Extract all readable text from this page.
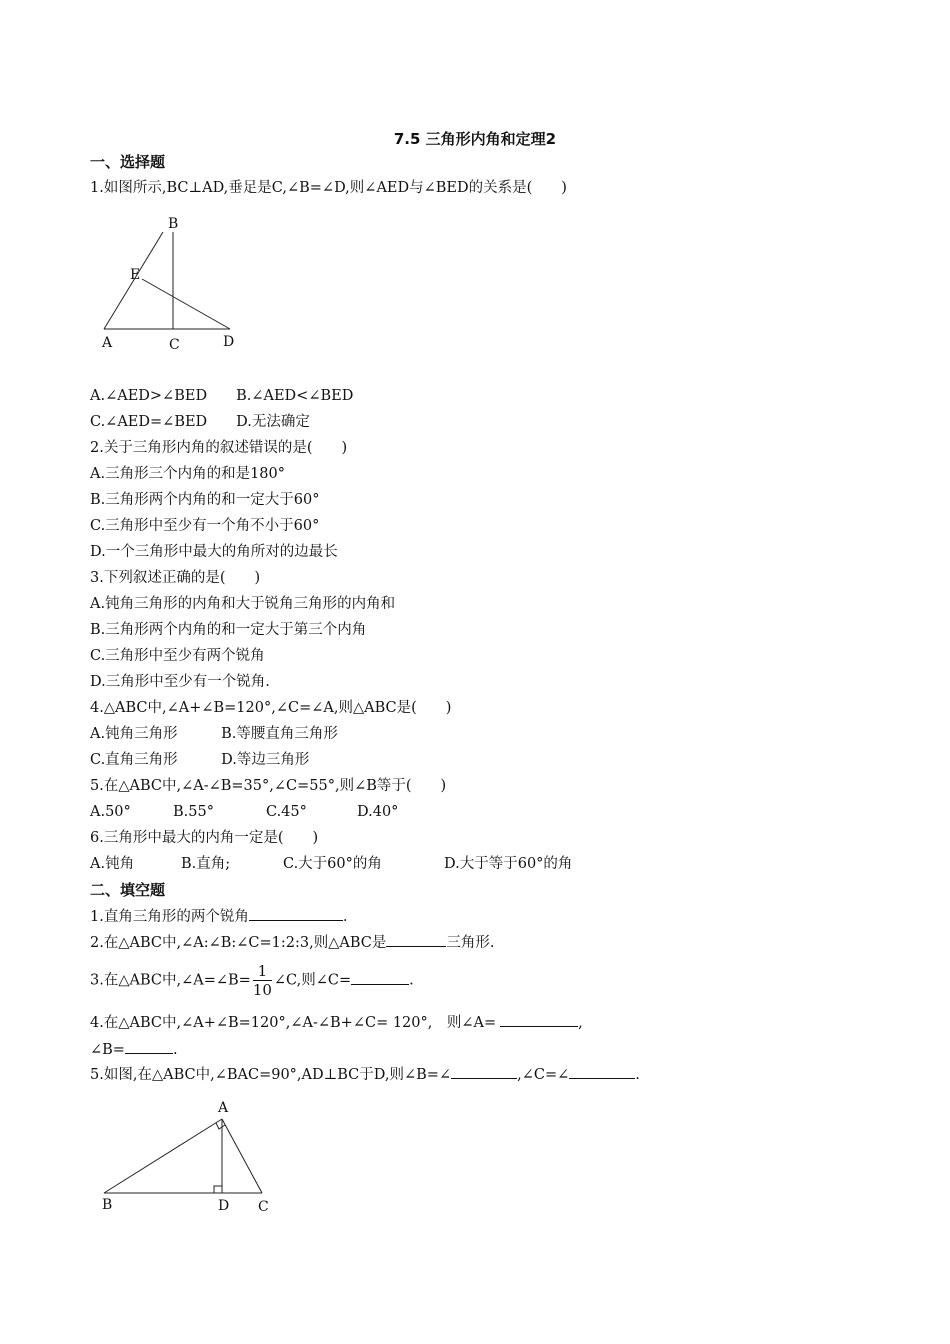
7.5 三角形内角和定理2
一、选择题
1.如图所示,BC⊥AD,垂足是C,∠B=∠D,则∠AED与∠BED的关系是(　　)
B
E
A	C	D
A.∠AED>∠BED　　B.∠AED<∠BED
C.∠AED=∠BED　　D.无法确定
2.关于三角形内角的叙述错误的是(　　)
A.三角形三个内角的和是180°
B.三角形两个内角的和一定大于60°
C.三角形中至少有一个角不小于60°
D.一个三角形中最大的角所对的边最长
3.下列叙述正确的是(　　)
A.钝角三角形的内角和大于锐角三角形的内角和
B.三角形两个内角的和一定大于第三个内角
C.三角形中至少有两个锐角
D.三角形中至少有一个锐角.
4.△ABC中,∠A+∠B=120°,∠C=∠A,则△ABC是(　　)
A.钝角三角形　　　B.等腰直角三角形
C.直角三角形　　　D.等边三角形
5.在△ABC中,∠A-∠B=35°,∠C=55°,则∠B等于(　　)
A.50°	B.55°	C.45°	D.40°
6.三角形中最大的内角一定是(　　)
A.钝角	B.直角;	C.大于60°的角	D.大于等于60°的角
二、填空题
1.直角三角形的两个锐角	.
2.在△ABC中,∠A:∠B:∠C=1:2:3,则△ABC是	三角形.
3.在△ABC中,∠A=∠B= $\frac{1}{10}$ ∠C,则∠C=	.
4.在△ABC中,∠A+∠B=120°,∠A-∠B+∠C= 120°,　则∠A=	,
∠B=	.
5.如图,在△ABC中,∠BAC=90°,AD⊥BC于D,则∠B=∠	,∠C=∠	.
A
B	D C
